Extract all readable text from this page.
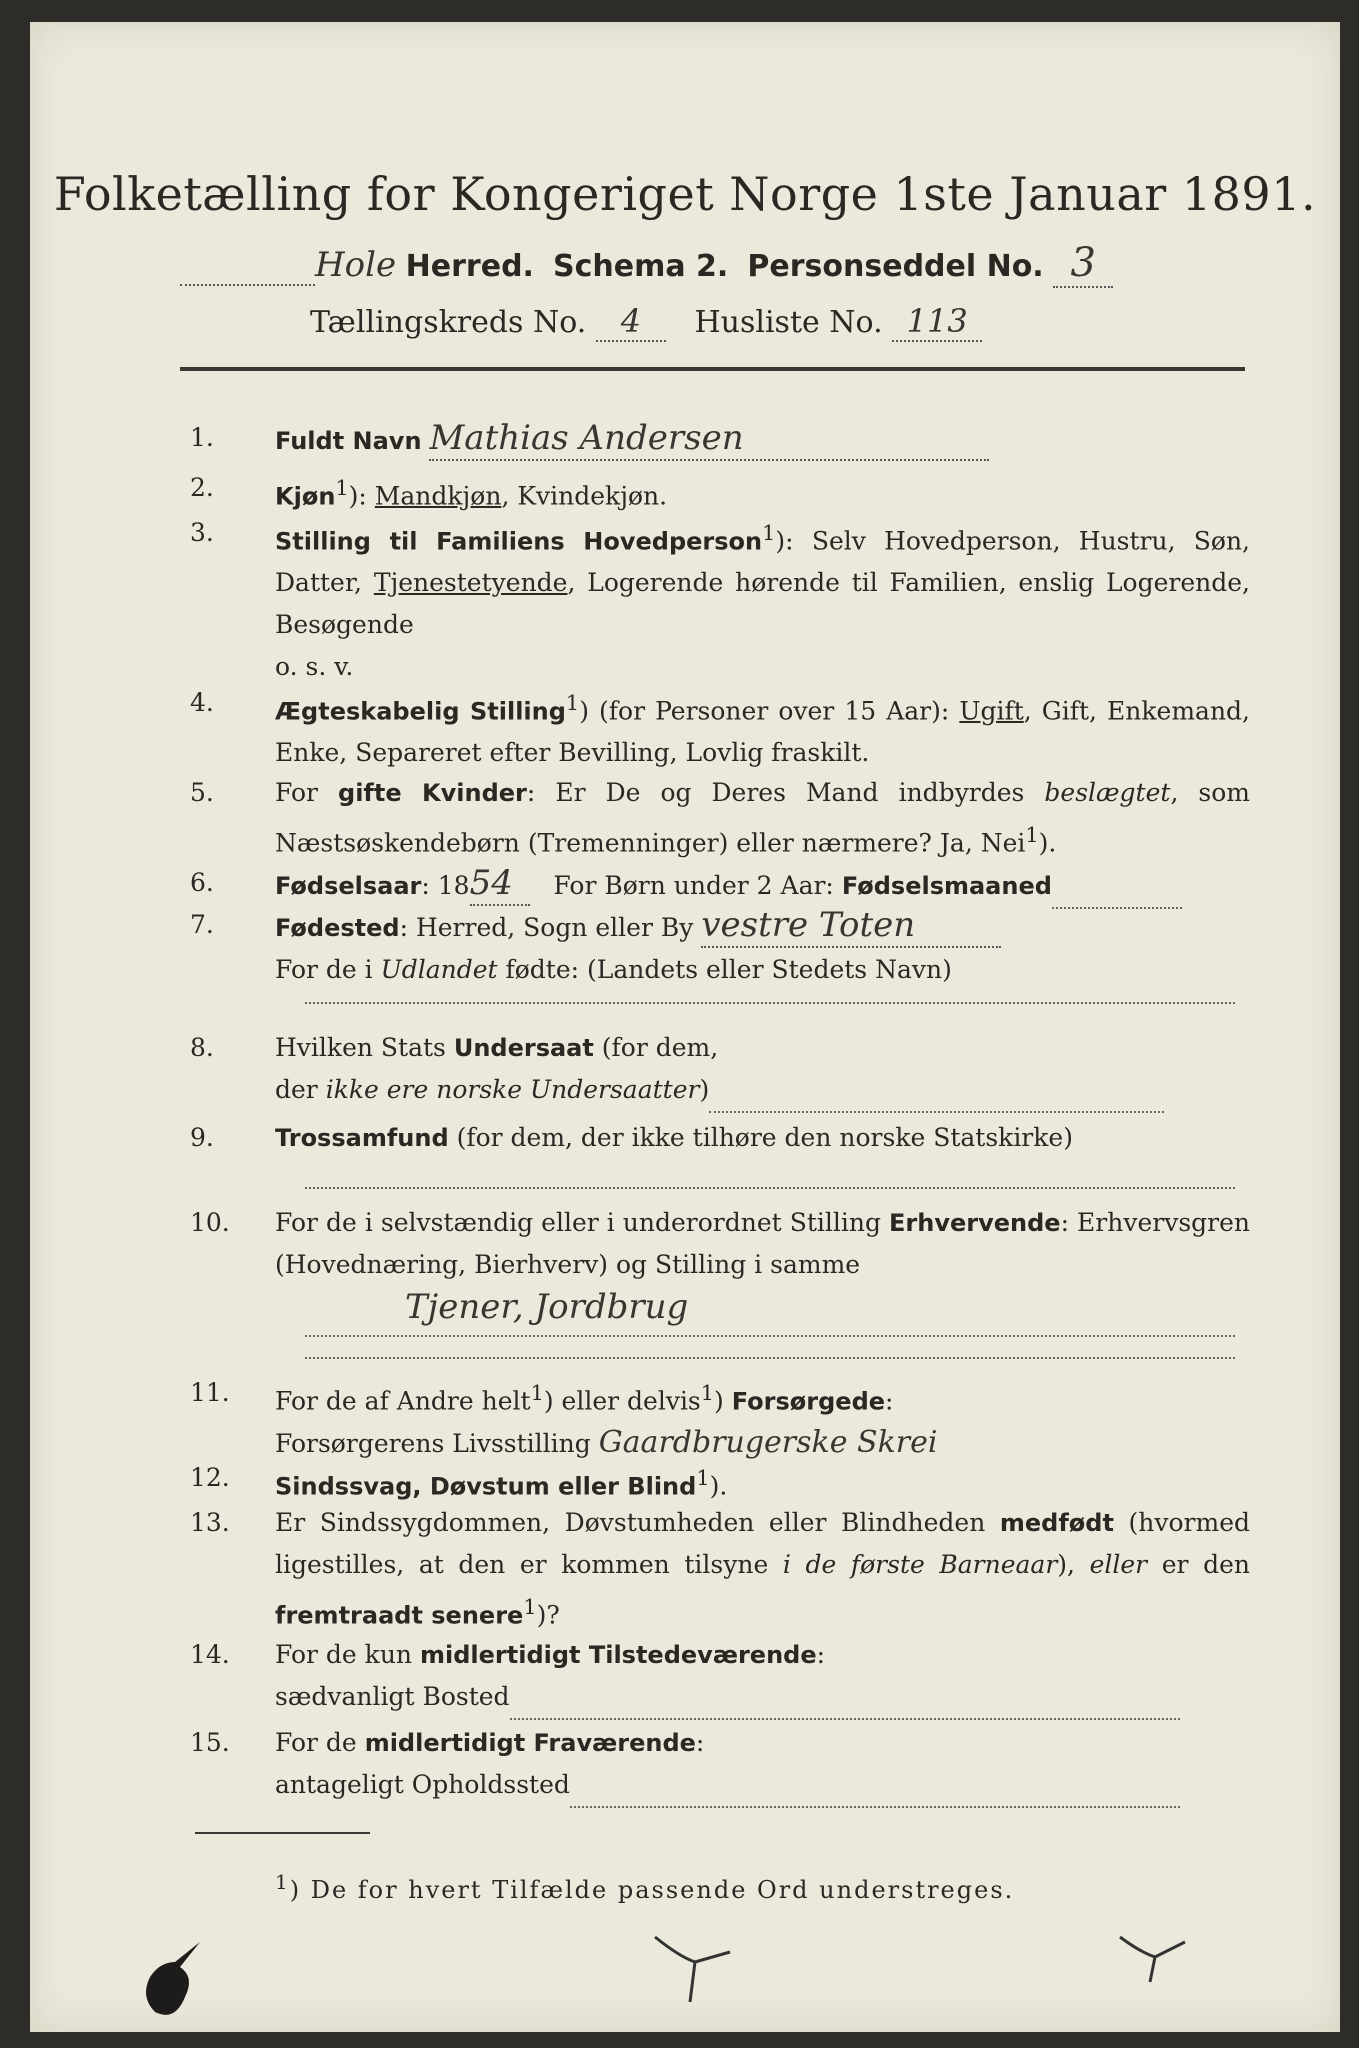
Folketælling for Kongeriget Norge 1ste Januar 1891.
Hole Herred. Schema 2. Personseddel No. 3
Tællingskreds No. 4 Husliste No. 113
1.	Fuldt Navn Mathias Andersen
2.	Kjøn$^1$): Mandkjøn, Kvindekjøn.
3.	Stilling til Familiens Hovedperson$^1$): Selv Hovedperson, Hustru, Søn, Datter, Tjenestetyende, Logerende hørende til Familien, enslig Logerende, Besøgende
o. s. v.
4.	Ægteskabelig Stilling$^1$) (for Personer over 15 Aar): Ugift, Gift, Enkemand, Enke, Separeret efter Bevilling, Lovlig fraskilt.
5.	For gifte Kvinder: Er De og Deres Mand indbyrdes beslægtet, som Næstsøskendebørn (Tremenninger) eller nærmere? Ja, Nei$^1$).
6.	Fødselsaar: 1854 For Børn under 2 Aar: Fødselsmaaned
7.	Fødested: Herred, Sogn eller By vestre Toten
For de i Udlandet fødte: (Landets eller Stedets Navn)
8.	Hvilken Stats Undersaat (for dem,
der ikke ere norske Undersaatter)
9.	Trossamfund (for dem, der ikke tilhøre den norske Statskirke)
10.	For de i selvstændig eller i underordnet Stilling Erhvervende: Erhvervsgren (Hovednæring, Bierhverv) og Stilling i samme
Tjener, Jordbrug
11.	For de af Andre helt$^1$) eller delvis$^1$) Forsørgede:
Forsørgerens Livsstilling Gaardbrugerske Skrei
12.	Sindssvag, Døvstum eller Blind$^1$).
13.	Er Sindssygdommen, Døvstumheden eller Blindheden medfødt (hvormed ligestilles, at den er kommen tilsyne i de første Barneaar), eller er den fremtraadt senere$^1$)?
14.	For de kun midlertidigt Tilstedeværende:
sædvanligt Bosted
15.	For de midlertidigt Fraværende:
antageligt Opholdssted
$^1$) De for hvert Tilfælde passende Ord understreges.
